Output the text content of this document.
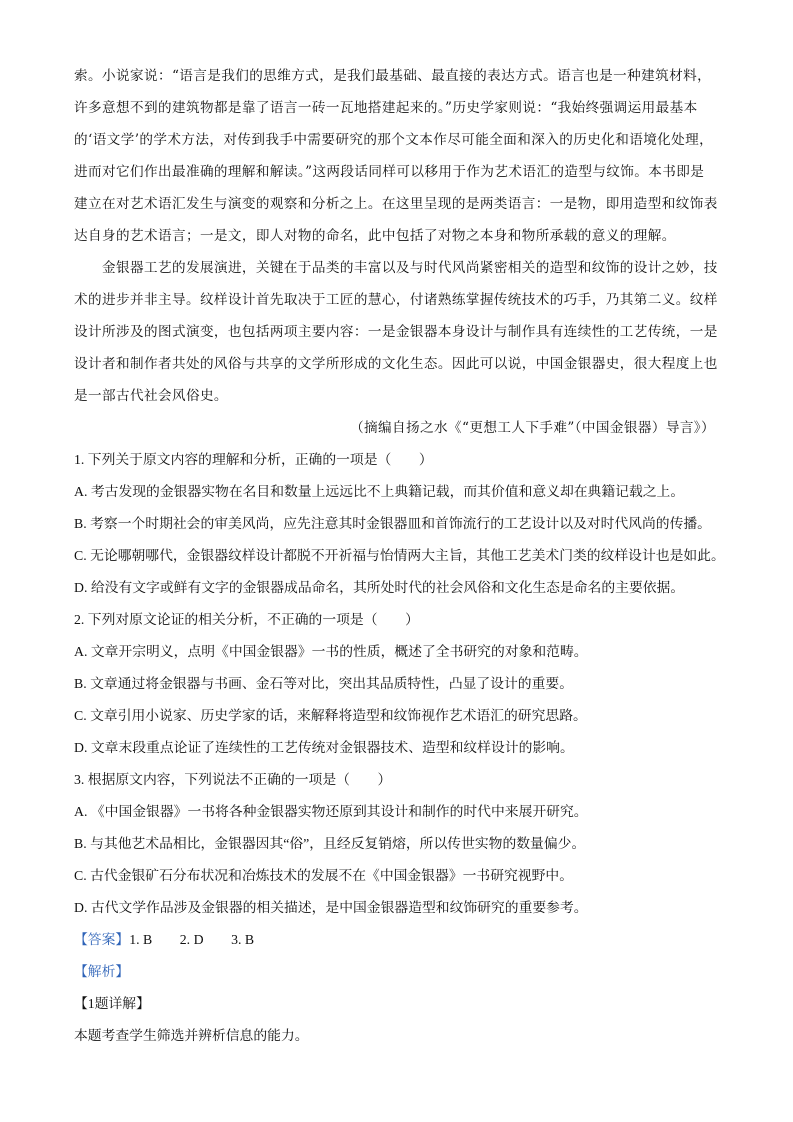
索。小说家说：“语言是我们的思维方式，是我们最基础、最直接的表达方式。语言也是一种建筑材料，
许多意想不到的建筑物都是靠了语言一砖一瓦地搭建起来的。”历史学家则说：“我始终强调运用最基本
的‘语文学’的学术方法，对传到我手中需要研究的那个文本作尽可能全面和深入的历史化和语境化处理，
进而对它们作出最准确的理解和解读。”这两段话同样可以移用于作为艺术语汇的造型与纹饰。本书即是
建立在对艺术语汇发生与演变的观察和分析之上。在这里呈现的是两类语言：一是物，即用造型和纹饰表
达自身的艺术语言；一是文，即人对物的命名，此中包括了对物之本身和物所承载的意义的理解。
金银器工艺的发展演进，关键在于品类的丰富以及与时代风尚紧密相关的造型和纹饰的设计之妙，技
术的进步并非主导。纹样设计首先取决于工匠的慧心，付诸熟练掌握传统技术的巧手，乃其第二义。纹样
设计所涉及的图式演变，也包括两项主要内容：一是金银器本身设计与制作具有连续性的工艺传统，一是
设计者和制作者共处的风俗与共享的文学所形成的文化生态。因此可以说，中国金银器史，很大程度上也
是一部古代社会风俗史。
（摘编自扬之水《“更想工人下手难”（中国金银器）导言》）
1. 下列关于原文内容的理解和分析，正确的一项是（　　）
A. 考古发现的金银器实物在名目和数量上远远比不上典籍记载，而其价值和意义却在典籍记载之上。
B. 考察一个时期社会的审美风尚，应先注意其时金银器皿和首饰流行的工艺设计以及对时代风尚的传播。
C. 无论哪朝哪代，金银器纹样设计都脱不开祈福与怡情两大主旨，其他工艺美术门类的纹样设计也是如此。
D. 给没有文字或鲜有文字的金银器成品命名，其所处时代的社会风俗和文化生态是命名的主要依据。
2. 下列对原文论证的相关分析，不正确的一项是（　　）
A. 文章开宗明义，点明《中国金银器》一书的性质，概述了全书研究的对象和范畴。
B. 文章通过将金银器与书画、金石等对比，突出其品质特性，凸显了设计的重要。
C. 文章引用小说家、历史学家的话，来解释将造型和纹饰视作艺术语汇的研究思路。
D. 文章末段重点论证了连续性的工艺传统对金银器技术、造型和纹样设计的影响。
3. 根据原文内容，下列说法不正确的一项是（　　）
A. 《中国金银器》一书将各种金银器实物还原到其设计和制作的时代中来展开研究。
B. 与其他艺术品相比，金银器因其“俗”，且经反复销熔，所以传世实物的数量偏少。
C. 古代金银矿石分布状况和冶炼技术的发展不在《中国金银器》一书研究视野中。
D. 古代文学作品涉及金银器的相关描述，是中国金银器造型和纹饰研究的重要参考。
【答案】1. B　　2. D　　3. B
【解析】
【1题详解】
本题考查学生筛选并辨析信息的能力。
